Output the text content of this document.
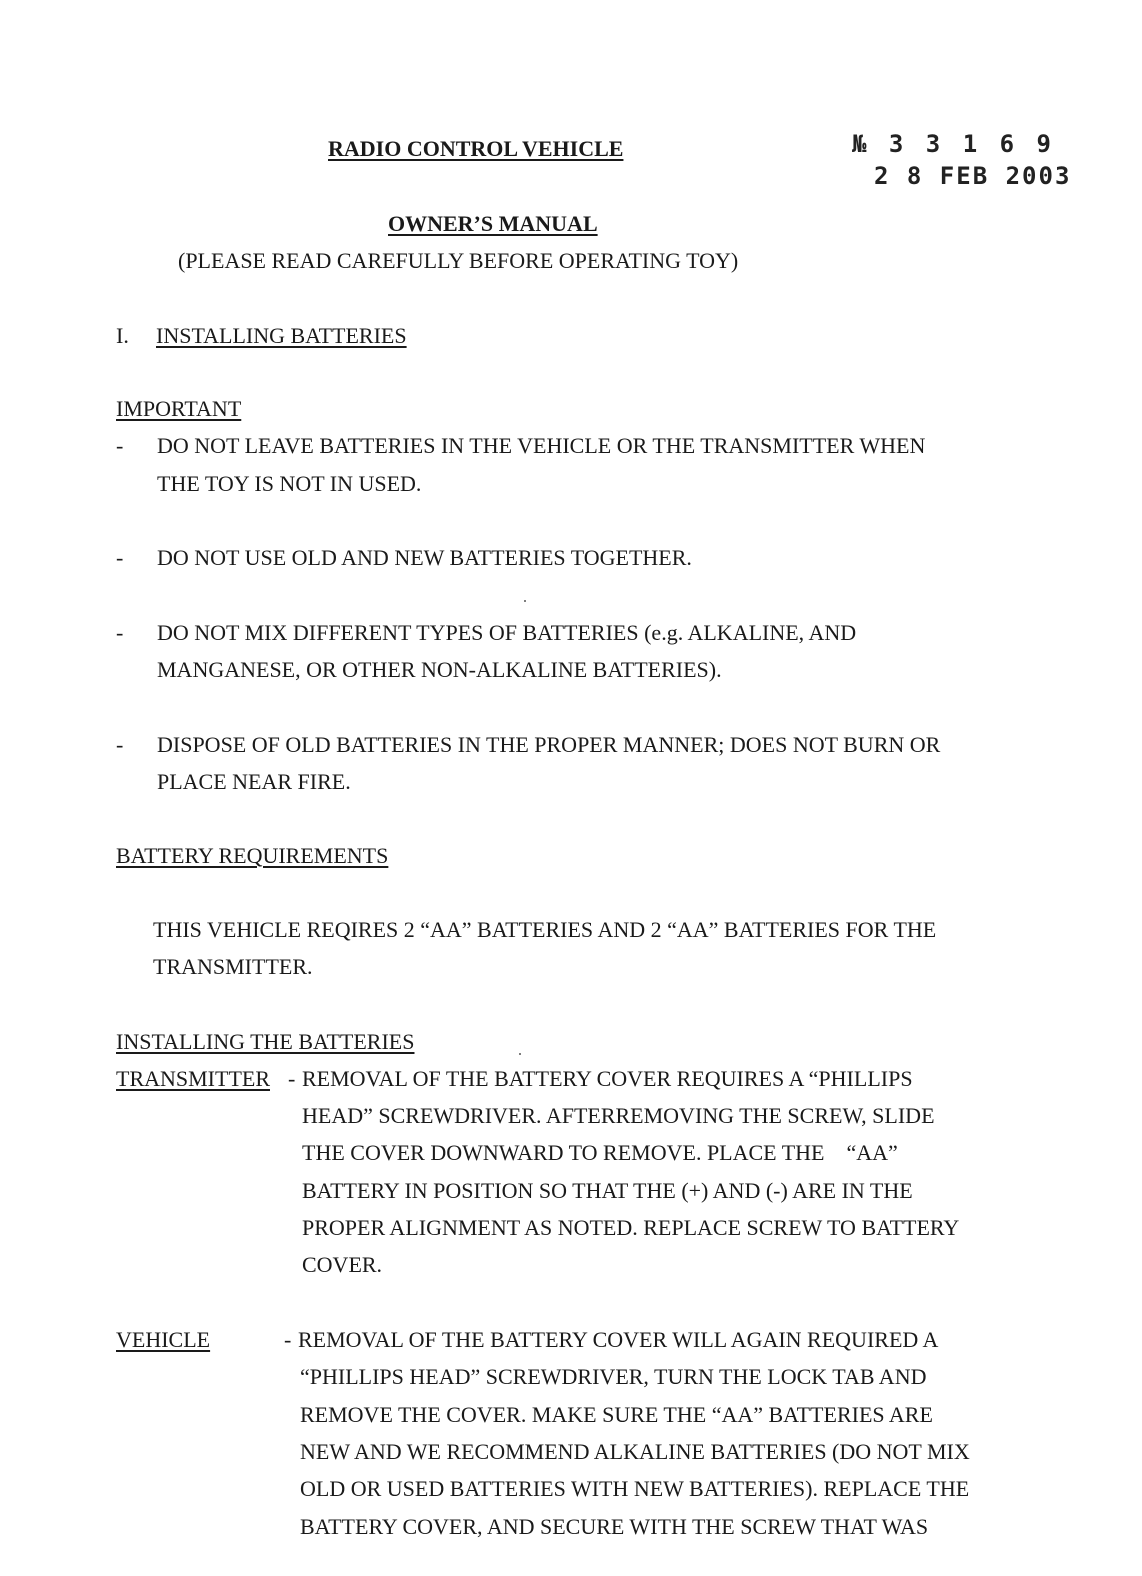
RADIO CONTROL VEHICLE	№ 3 3 1 6 9
2 8 FEB 2003
OWNER’S MANUAL
(PLEASE READ CAREFULLY BEFORE OPERATING TOY)
I. INSTALLING BATTERIES
IMPORTANT
- DO NOT LEAVE BATTERIES IN THE VEHICLE OR THE TRANSMITTER WHEN
THE TOY IS NOT IN USED.
- DO NOT USE OLD AND NEW BATTERIES TOGETHER.
- DO NOT MIX DIFFERENT TYPES OF BATTERIES (e.g. ALKALINE, AND
MANGANESE, OR OTHER NON-ALKALINE BATTERIES).
- DISPOSE OF OLD BATTERIES IN THE PROPER MANNER; DOES NOT BURN OR
PLACE NEAR FIRE.
BATTERY REQUIREMENTS
THIS VEHICLE REQIRES 2 “AA” BATTERIES AND 2 “AA” BATTERIES FOR THE
TRANSMITTER.
INSTALLING THE BATTERIES
TRANSMITTER - REMOVAL OF THE BATTERY COVER REQUIRES A “PHILLIPS
HEAD” SCREWDRIVER. AFTERREMOVING THE SCREW, SLIDE
THE COVER DOWNWARD TO REMOVE. PLACE THE    “AA”
BATTERY IN POSITION SO THAT THE (+) AND (-) ARE IN THE
PROPER ALIGNMENT AS NOTED. REPLACE SCREW TO BATTERY
COVER.
VEHICLE	- REMOVAL OF THE BATTERY COVER WILL AGAIN REQUIRED A
“PHILLIPS HEAD” SCREWDRIVER, TURN THE LOCK TAB AND
REMOVE THE COVER. MAKE SURE THE “AA” BATTERIES ARE
NEW AND WE RECOMMEND ALKALINE BATTERIES (DO NOT MIX
OLD OR USED BATTERIES WITH NEW BATTERIES). REPLACE THE
BATTERY COVER, AND SECURE WITH THE SCREW THAT WAS
